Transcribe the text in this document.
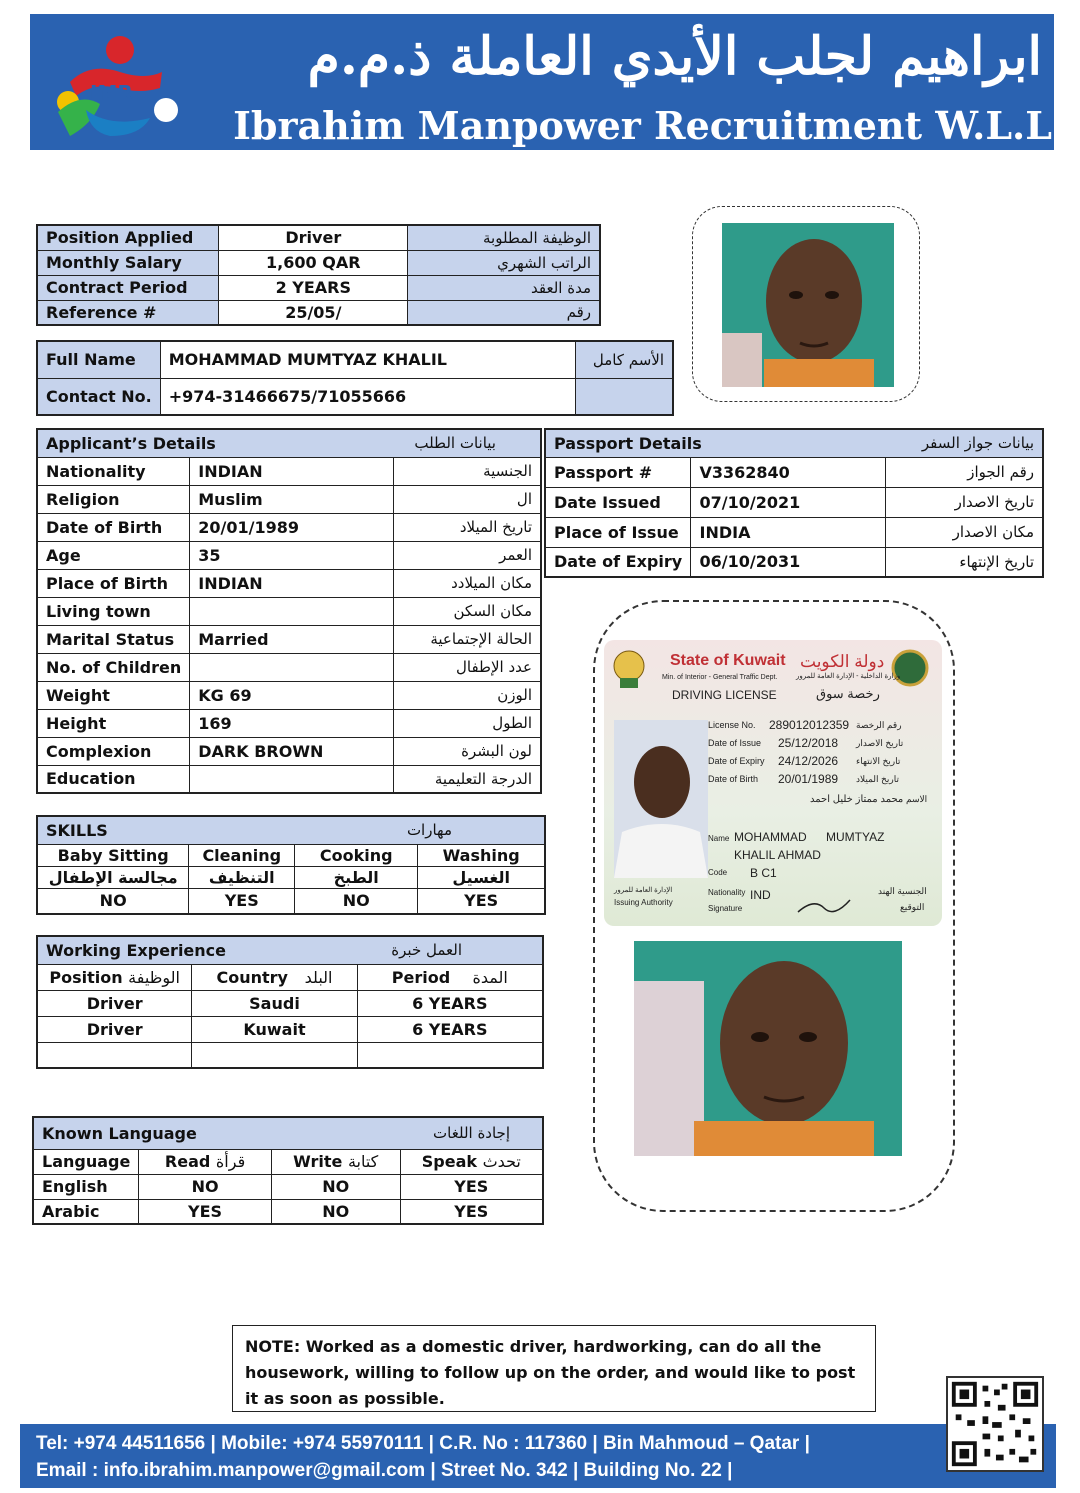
IMR
ابراهيم لجلب الأيدي العاملة ذ.م.م
Ibrahim Manpower Recruitment W.L.L
Position Applied	Driver	الوظيفة المطلوبة
Monthly Salary	1,600 QAR	الراتب الشهري
Contract Period	2 YEARS	مدة العقد
Reference #	25/05/	رقم
Full Name	MOHAMMAD MUMTYAZ KHALIL	الأسم كامل
Contact No.	+974-31466675/71055666	
Applicant’s Details بيانات الطلب		

Nationality	INDIAN	الجنسية
Religion	Muslim	ال
Date of Birth	20/01/1989	تاريخ الميلاد
Age	35	العمر
Place of Birth	INDIAN	مكان الميلادد
Living town		مكان السكن
Marital Status	Married	الحالة الإجتماعية
No. of Children		عدد الإطفال
Weight	KG 69	الوزن
Height	169	الطول
Complexion	DARK BROWN	لون البشرة
Education		الدرجة التعليمية
Passport Details بيانات جواز السفر		

Passport #	V3362840	رقم الجواز
Date Issued	07/10/2021	تاريخ الاصدار
Place of Issue	INDIA	مكان الاصدار
Date of Expiry	06/10/2031	تاريخ الإنتهاء
State of Kuwait دولة الكويت
Min. of Interior - General Traffic Dept.	وزارة الداخلية - الإدارة العامة للمرور
DRIVING LICENSE	رخصة سوق
License No. 289012012359 رقم الرخصة
Date of Issue 25/12/2018 تاريخ الاصدار
Date of Expiry 24/12/2026 تاريخ الانتهاء
Date of Birth 20/01/1989 تاريخ الميلاد
محمد ممتاز خليل احمد الاسم
Name MOHAMMAD MUMTYAZ
KHALIL AHMAD
Code B C1
Nationality IND	الجنسية الهند
Signature	التوقيع
الإدارة العامة للمرور
Issuing Authority
SKILLS مهارات			

Baby Sitting	Cleaning	Cooking	Washing
مجالسة الإطفال	التنظيف	الطبخ	الغسيل
NO	YES	NO	YES
Working Experience العمل خبرة		

Position الوظيفة	Country البلد	Period المدة
Driver	Saudi	6 YEARS
Driver	Kuwait	6 YEARS

Known Language إجادة اللغات			

Language	Read قرأة	Write كتابة	Speak تحدث
English	NO	NO	YES
Arabic	YES	NO	YES
NOTE: Worked as a domestic driver, hardworking, can do all the housework, willing to follow up on the order, and would like to post it as soon as possible.
Tel: +974 44511656 | Mobile: +974 55970111 | C.R. No : 117360 | Bin Mahmoud – Qatar |
Email : info.ibrahim.manpower@gmail.com | Street No. 342 | Building No. 22 |
